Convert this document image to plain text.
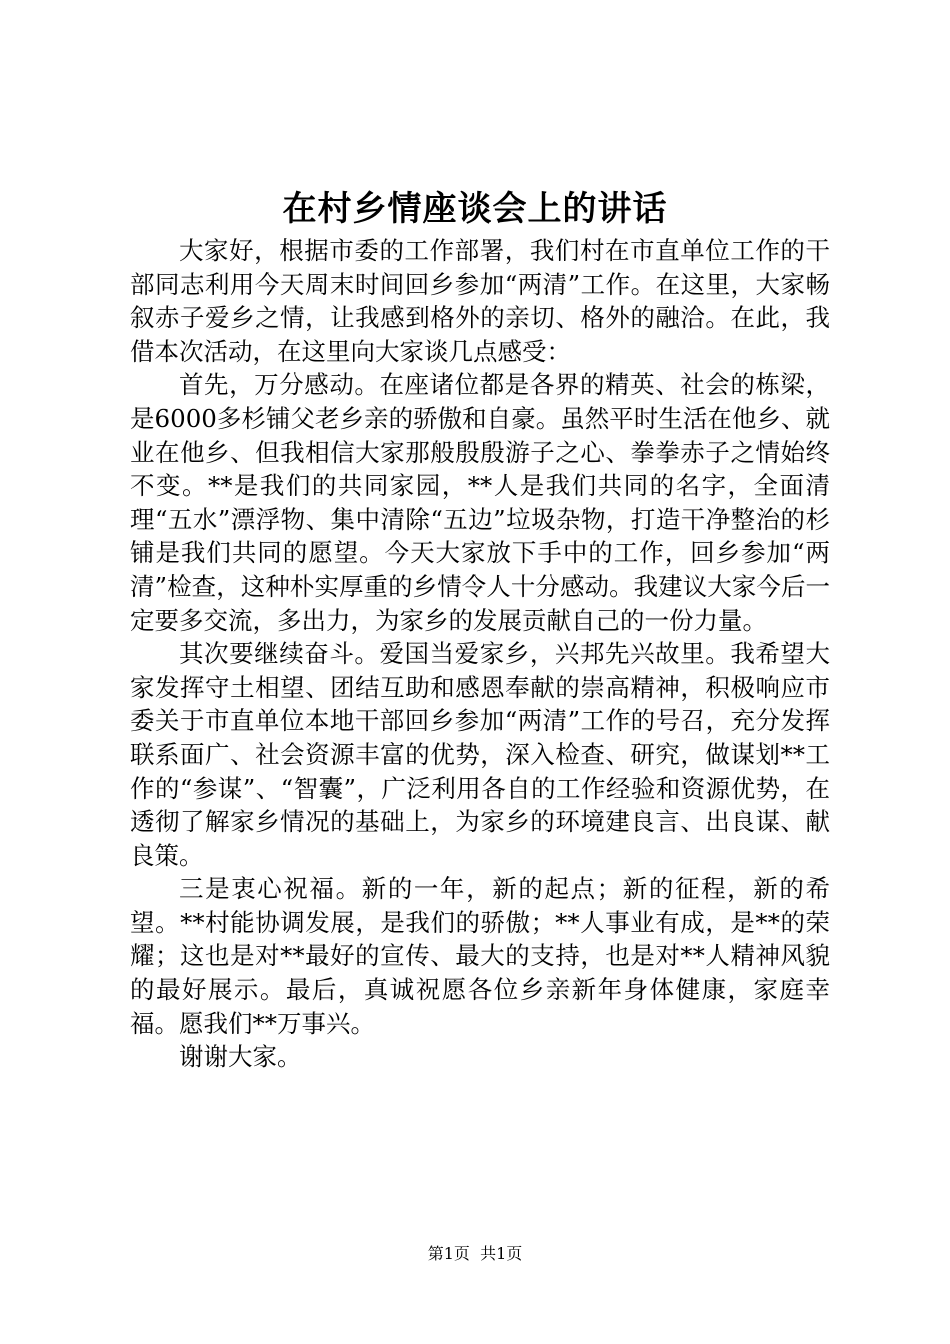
在村乡情座谈会上的讲话

大家好，根据市委的工作部署，我们村在市直单位工作的干部同志利用今天周末时间回乡参加“两清”工作。在这里，大家畅叙赤子爱乡之情，让我感到格外的亲切、格外的融洽。在此，我借本次活动，在这里向大家谈几点感受：

首先，万分感动。在座诸位都是各界的精英、社会的栋梁，是6000多杉铺父老乡亲的骄傲和自豪。虽然平时生活在他乡、就业在他乡、但我相信大家那般殷殷游子之心、拳拳赤子之情始终不变。**是我们的共同家园，**人是我们共同的名字，全面清理“五水”漂浮物、集中清除“五边”垃圾杂物，打造干净整治的杉铺是我们共同的愿望。今天大家放下手中的工作，回乡参加“两清”检查，这种朴实厚重的乡情令人十分感动。我建议大家今后一定要多交流，多出力，为家乡的发展贡献自己的一份力量。

其次要继续奋斗。爱国当爱家乡，兴邦先兴故里。我希望大家发挥守土相望、团结互助和感恩奉献的崇高精神，积极响应市委关于市直单位本地干部回乡参加“两清”工作的号召，充分发挥联系面广、社会资源丰富的优势，深入检查、研究，做谋划**工作的“参谋”、“智囊”，广泛利用各自的工作经验和资源优势，在透彻了解家乡情况的基础上，为家乡的环境建良言、出良谋、献良策。

三是衷心祝福。新的一年，新的起点；新的征程，新的希望。**村能协调发展，是我们的骄傲；**人事业有成，是**的荣耀；这也是对**最好的宣传、最大的支持，也是对**人精神风貌的最好展示。最后，真诚祝愿各位乡亲新年身体健康，家庭幸福。愿我们**万事兴。

谢谢大家。

第1页 共1页
